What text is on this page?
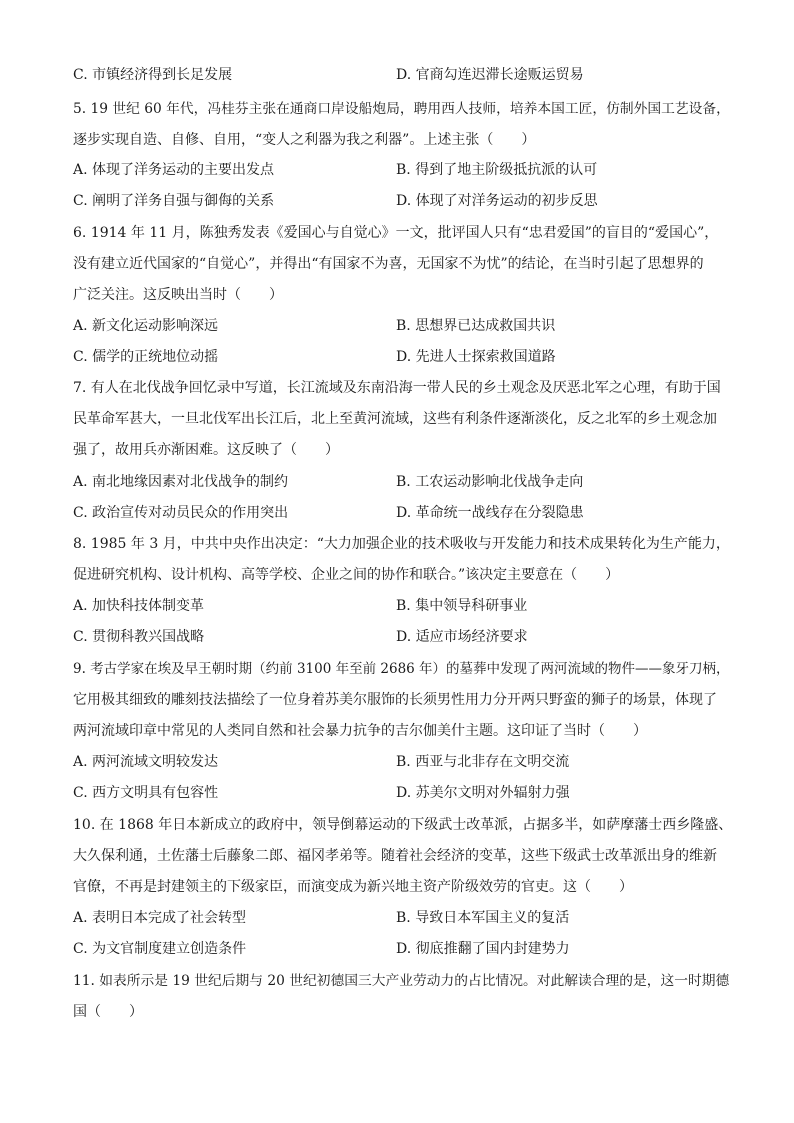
C. 市镇经济得到长足发展	D. 官商勾连迟滞长途贩运贸易
5. 19 世纪 60 年代，冯桂芬主张在通商口岸设船炮局，聘用西人技师，培养本国工匠，仿制外国工艺设备，
逐步实现自造、自修、自用，“变人之利器为我之利器”。上述主张（　　）
A. 体现了洋务运动的主要出发点	B. 得到了地主阶级抵抗派的认可
C. 阐明了洋务自强与御侮的关系	D. 体现了对洋务运动的初步反思
6. 1914 年 11 月，陈独秀发表《爱国心与自觉心》一文，批评国人只有“忠君爱国”的盲目的“爱国心”，
没有建立近代国家的“自觉心”，并得出“有国家不为喜，无国家不为忧”的结论，在当时引起了思想界的
广泛关注。这反映出当时（　　）
A. 新文化运动影响深远	B. 思想界已达成救国共识
C. 儒学的正统地位动摇	D. 先进人士探索救国道路
7. 有人在北伐战争回忆录中写道，长江流域及东南沿海一带人民的乡土观念及厌恶北军之心理，有助于国
民革命军甚大，一旦北伐军出长江后，北上至黄河流域，这些有利条件逐渐淡化，反之北军的乡土观念加
强了，故用兵亦渐困难。这反映了（　　）
A. 南北地缘因素对北伐战争的制约	B. 工农运动影响北伐战争走向
C. 政治宣传对动员民众的作用突出	D. 革命统一战线存在分裂隐患
8. 1985 年 3 月，中共中央作出决定：“大力加强企业的技术吸收与开发能力和技术成果转化为生产能力，
促进研究机构、设计机构、高等学校、企业之间的协作和联合。”该决定主要意在（　　）
A. 加快科技体制变革	B. 集中领导科研事业
C. 贯彻科教兴国战略	D. 适应市场经济要求
9. 考古学家在埃及早王朝时期（约前 3100 年至前 2686 年）的墓葬中发现了两河流域的物件——象牙刀柄，
它用极其细致的雕刻技法描绘了一位身着苏美尔服饰的长须男性用力分开两只野蛮的狮子的场景，体现了
两河流域印章中常见的人类同自然和社会暴力抗争的吉尔伽美什主题。这印证了当时（　　）
A. 两河流域文明较发达	B. 西亚与北非存在文明交流
C. 西方文明具有包容性	D. 苏美尔文明对外辐射力强
10. 在 1868 年日本新成立的政府中，领导倒幕运动的下级武士改革派，占据多半，如萨摩藩士西乡隆盛、
大久保利通，土佐藩士后藤象二郎、福冈孝弟等。随着社会经济的变革，这些下级武士改革派出身的维新
官僚，不再是封建领主的下级家臣，而演变成为新兴地主资产阶级效劳的官吏。这（　　）
A. 表明日本完成了社会转型	B. 导致日本军国主义的复活
C. 为文官制度建立创造条件	D. 彻底推翻了国内封建势力
11. 如表所示是 19 世纪后期与 20 世纪初德国三大产业劳动力的占比情况。对此解读合理的是，这一时期德
国（　　）
